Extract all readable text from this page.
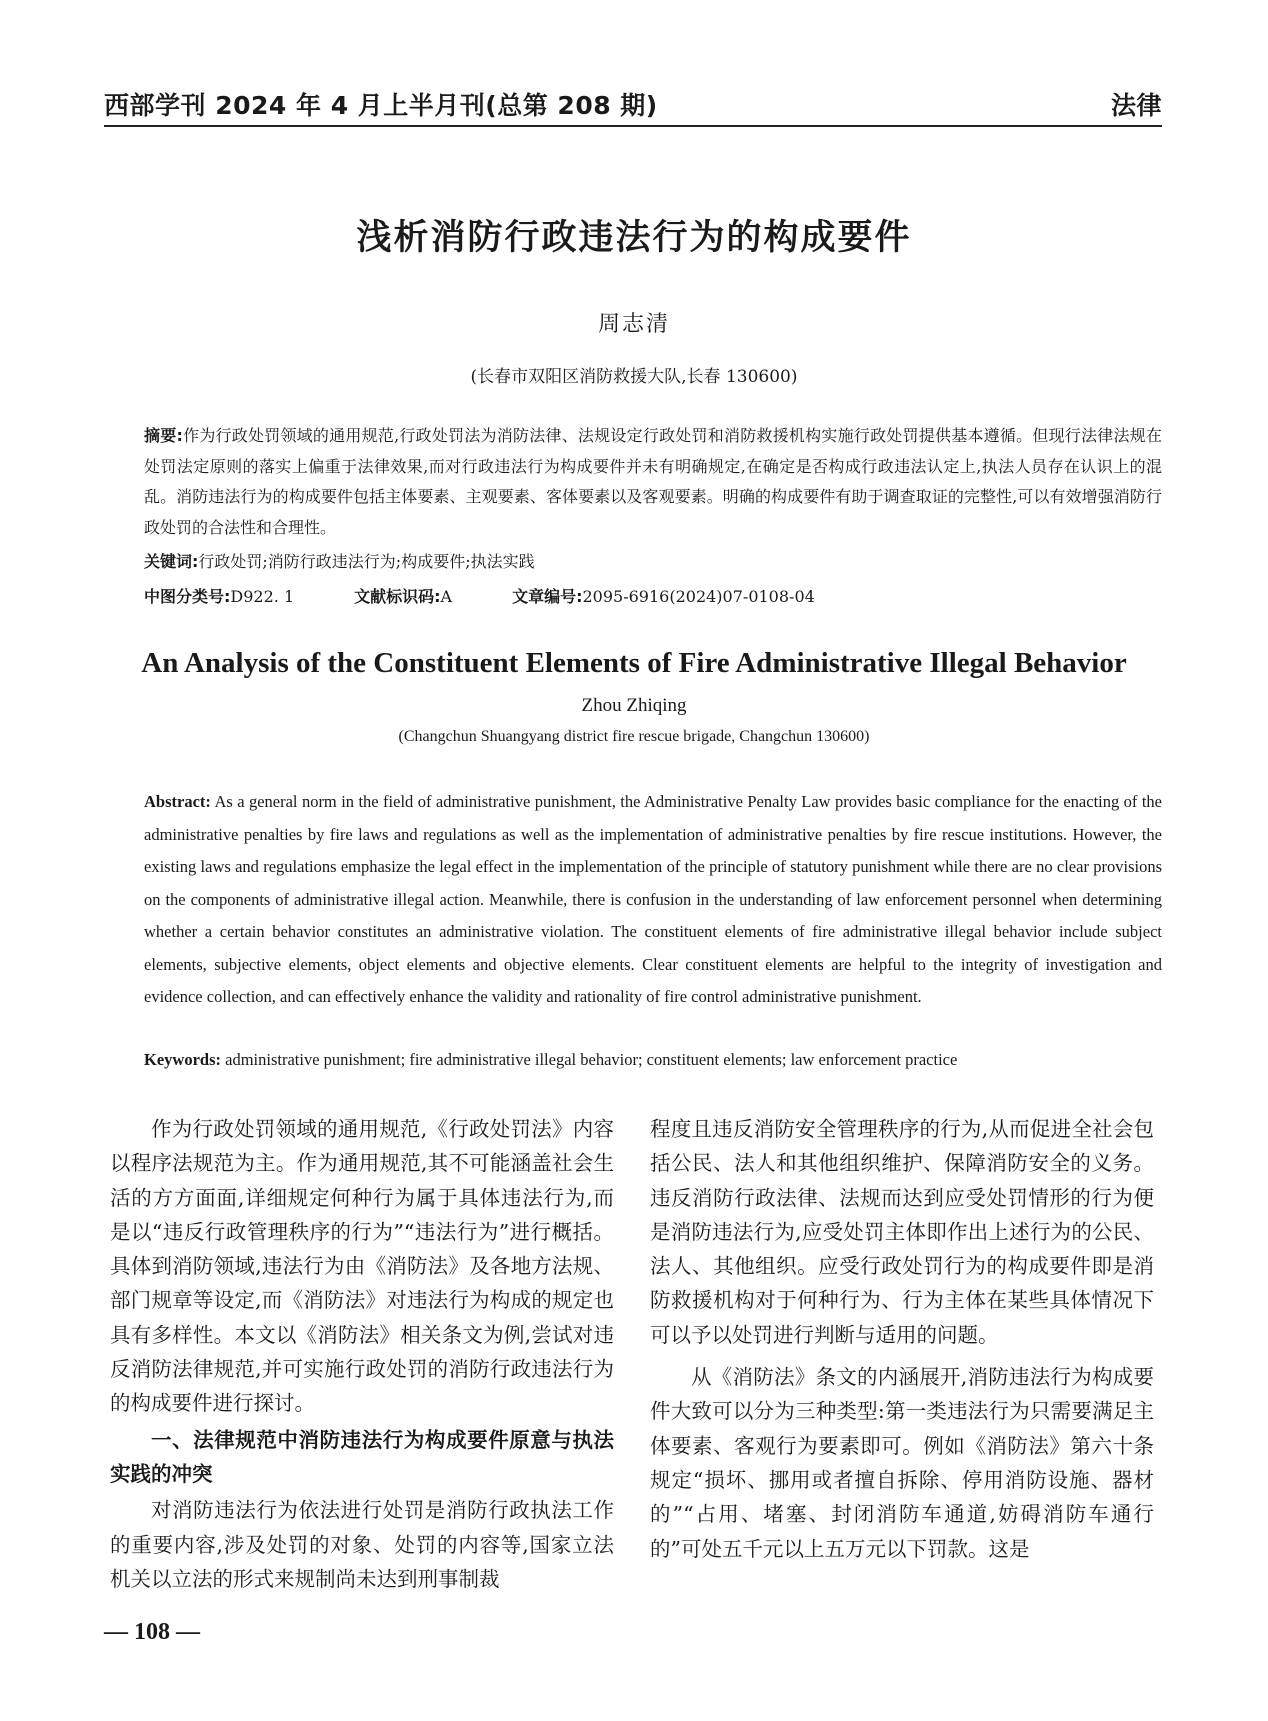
西部学刊 2024 年 4 月上半月刊(总第 208 期)	法律
浅析消防行政违法行为的构成要件
周志清
(长春市双阳区消防救援大队,长春 130600)
摘要:作为行政处罚领域的通用规范,行政处罚法为消防法律、法规设定行政处罚和消防救援机构实施行政处罚提供基本遵循。但现行法律法规在处罚法定原则的落实上偏重于法律效果,而对行政违法行为构成要件并未有明确规定,在确定是否构成行政违法认定上,执法人员存在认识上的混乱。消防违法行为的构成要件包括主体要素、主观要素、客体要素以及客观要素。明确的构成要件有助于调查取证的完整性,可以有效增强消防行政处罚的合法性和合理性。
关键词:行政处罚;消防行政违法行为;构成要件;执法实践
中图分类号:D922. 1	文献标识码:A	文章编号:2095-6916(2024)07-0108-04
An Analysis of the Constituent Elements of Fire Administrative Illegal Behavior
Zhou Zhiqing
(Changchun Shuangyang district fire rescue brigade, Changchun 130600)
Abstract: As a general norm in the field of administrative punishment, the Administrative Penalty Law provides basic compliance for the enacting of the administrative penalties by fire laws and regulations as well as the implementation of administrative penalties by fire rescue institutions. However, the existing laws and regulations emphasize the legal effect in the implementation of the principle of statutory punishment while there are no clear provisions on the components of administrative illegal action. Meanwhile, there is confusion in the understanding of law enforcement personnel when determining whether a certain behavior constitutes an administrative violation. The constituent elements of fire administrative illegal behavior include subject elements, subjective elements, object elements and objective elements. Clear constituent elements are helpful to the integrity of investigation and evidence collection, and can effectively enhance the validity and rationality of fire control administrative punishment.
Keywords: administrative punishment; fire administrative illegal behavior; constituent elements; law enforcement practice

作为行政处罚领域的通用规范,《行政处罚法》内容以程序法规范为主。作为通用规范,其不可能涵盖社会生活的方方面面,详细规定何种行为属于具体违法行为,而是以“违反行政管理秩序的行为”“违法行为”进行概括。具体到消防领域,违法行为由《消防法》及各地方法规、部门规章等设定,而《消防法》对违法行为构成的规定也具有多样性。本文以《消防法》相关条文为例,尝试对违反消防法律规范,并可实施行政处罚的消防行政违法行为的构成要件进行探讨。

一、法律规范中消防违法行为构成要件原意与执法实践的冲突

对消防违法行为依法进行处罚是消防行政执法工作的重要内容,涉及处罚的对象、处罚的内容等,国家立法机关以立法的形式来规制尚未达到刑事制裁

程度且违反消防安全管理秩序的行为,从而促进全社会包括公民、法人和其他组织维护、保障消防安全的义务。违反消防行政法律、法规而达到应受处罚情形的行为便是消防违法行为,应受处罚主体即作出上述行为的公民、法人、其他组织。应受行政处罚行为的构成要件即是消防救援机构对于何种行为、行为主体在某些具体情况下可以予以处罚进行判断与适用的问题。

从《消防法》条文的内涵展开,消防违法行为构成要件大致可以分为三种类型:第一类违法行为只需要满足主体要素、客观行为要素即可。例如《消防法》第六十条规定“损坏、挪用或者擅自拆除、停用消防设施、器材的”“占用、堵塞、封闭消防车通道,妨碍消防车通行的”可处五千元以上五万元以下罚款。这是

— 108 —
